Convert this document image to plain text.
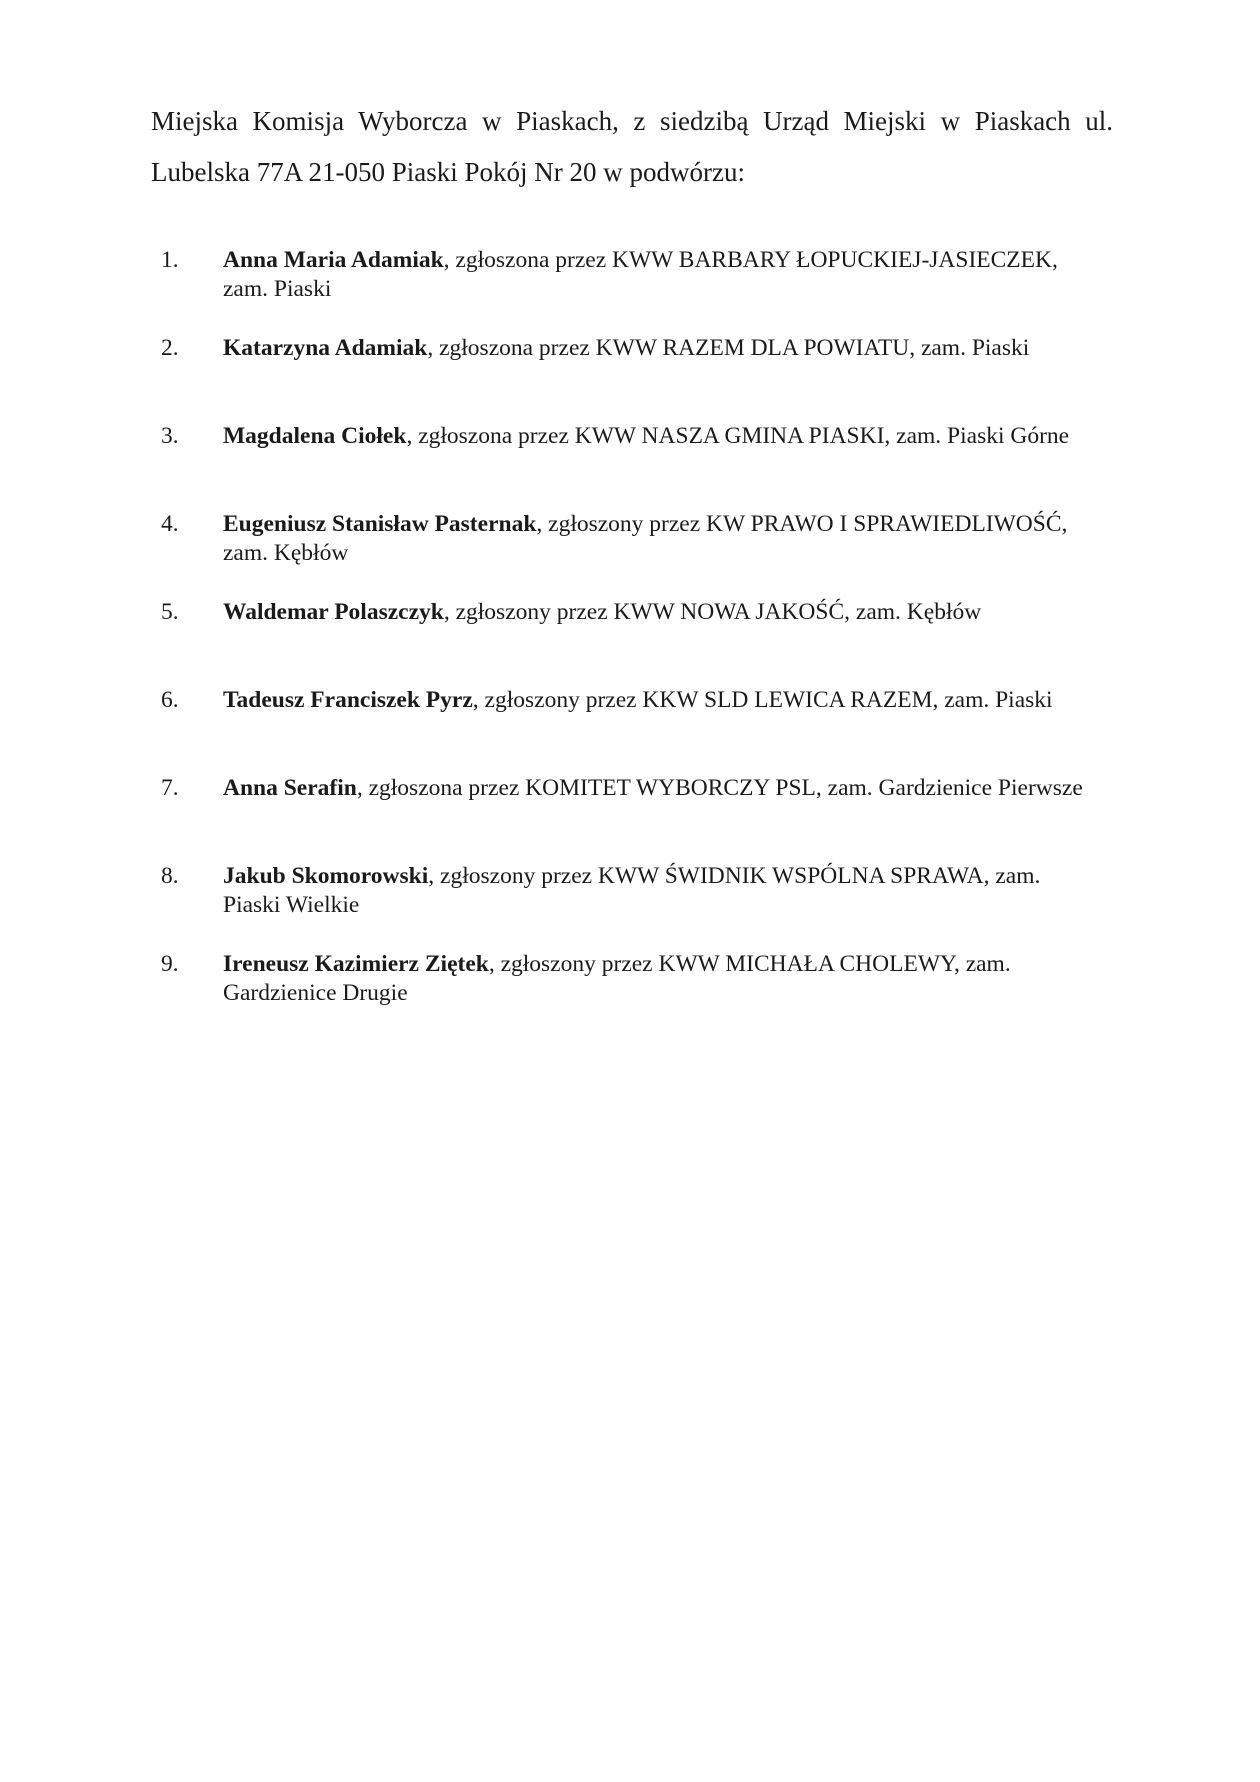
Miejska Komisja Wyborcza w Piaskach, z siedzibą Urząd Miejski w Piaskach ul. Lubelska 77A 21-050 Piaski Pokój Nr 20 w podwórzu:

1.	Anna Maria Adamiak, zgłoszona przez KWW BARBARY ŁOPUCKIEJ-JASIECZEK, zam. Piaski
2.	Katarzyna Adamiak, zgłoszona przez KWW RAZEM DLA POWIATU, zam. Piaski
3.	Magdalena Ciołek, zgłoszona przez KWW NASZA GMINA PIASKI, zam. Piaski Górne
4.	Eugeniusz Stanisław Pasternak, zgłoszony przez KW PRAWO I SPRAWIEDLIWOŚĆ, zam. Kębłów
5.	Waldemar Polaszczyk, zgłoszony przez KWW NOWA JAKOŚĆ, zam. Kębłów
6.	Tadeusz Franciszek Pyrz, zgłoszony przez KKW SLD LEWICA RAZEM, zam. Piaski
7.	Anna Serafin, zgłoszona przez KOMITET WYBORCZY PSL, zam. Gardzienice Pierwsze
8.	Jakub Skomorowski, zgłoszony przez KWW ŚWIDNIK WSPÓLNA SPRAWA, zam. Piaski Wielkie
9.	Ireneusz Kazimierz Ziętek, zgłoszony przez KWW MICHAŁA CHOLEWY, zam. Gardzienice Drugie
